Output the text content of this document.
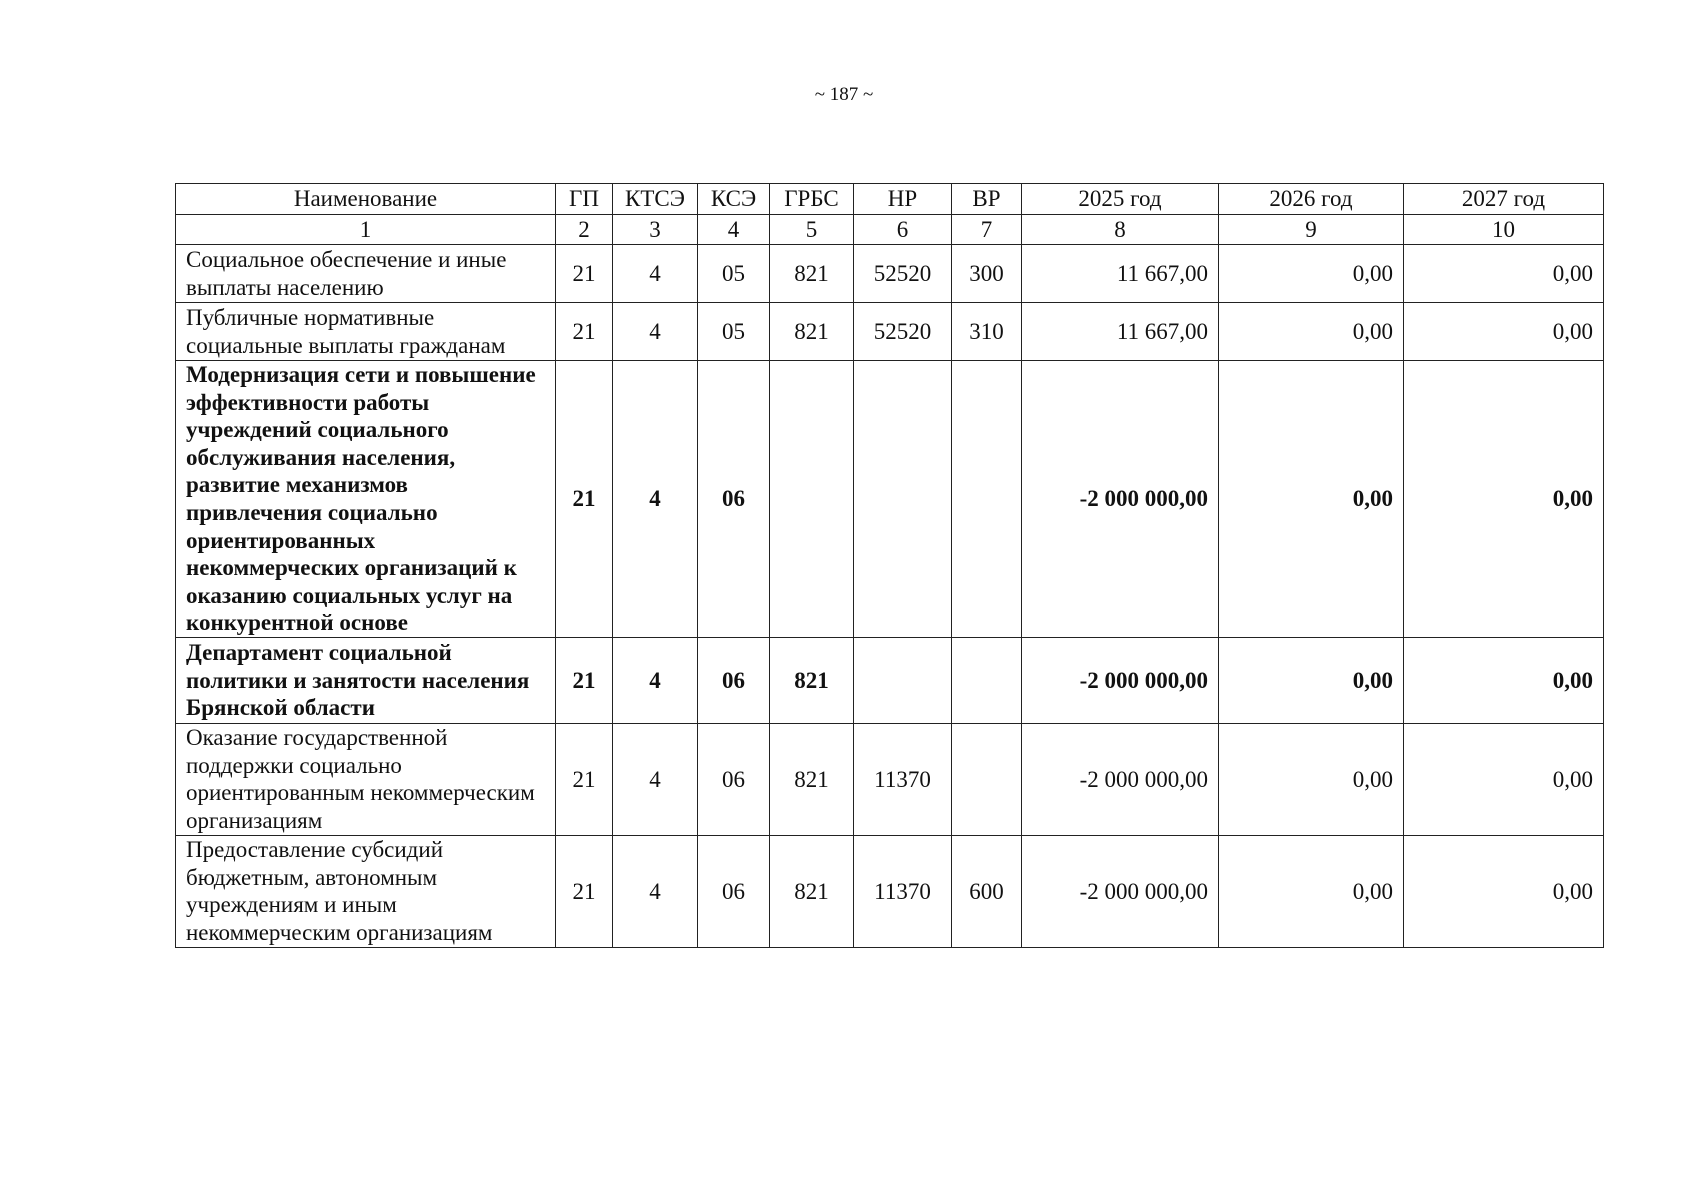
~ 187 ~
Наименование	ГП	КТСЭ	КСЭ	ГРБС	НР	ВР	2025 год	2026 год	2027 год
1	2	3	4	5	6	7	8	9	10
Социальное обеспечение и иные выплаты населению	21	4	05	821	52520	300	11 667,00	0,00	0,00
Публичные нормативные социальные выплаты гражданам	21	4	05	821	52520	310	11 667,00	0,00	0,00
Модернизация сети и повышение эффективности работы учреждений социального обслуживания населения, развитие механизмов привлечения социально ориентированных некоммерческих организаций к оказанию социальных услуг на конкурентной основе	21	4	06				-2 000 000,00	0,00	0,00
Департамент социальной политики и занятости населения Брянской области	21	4	06	821			-2 000 000,00	0,00	0,00
Оказание государственной поддержки социально ориентированным некоммерческим организациям	21	4	06	821	11370		-2 000 000,00	0,00	0,00
Предоставление субсидий бюджетным, автономным учреждениям и иным некоммерческим организациям	21	4	06	821	11370	600	-2 000 000,00	0,00	0,00
